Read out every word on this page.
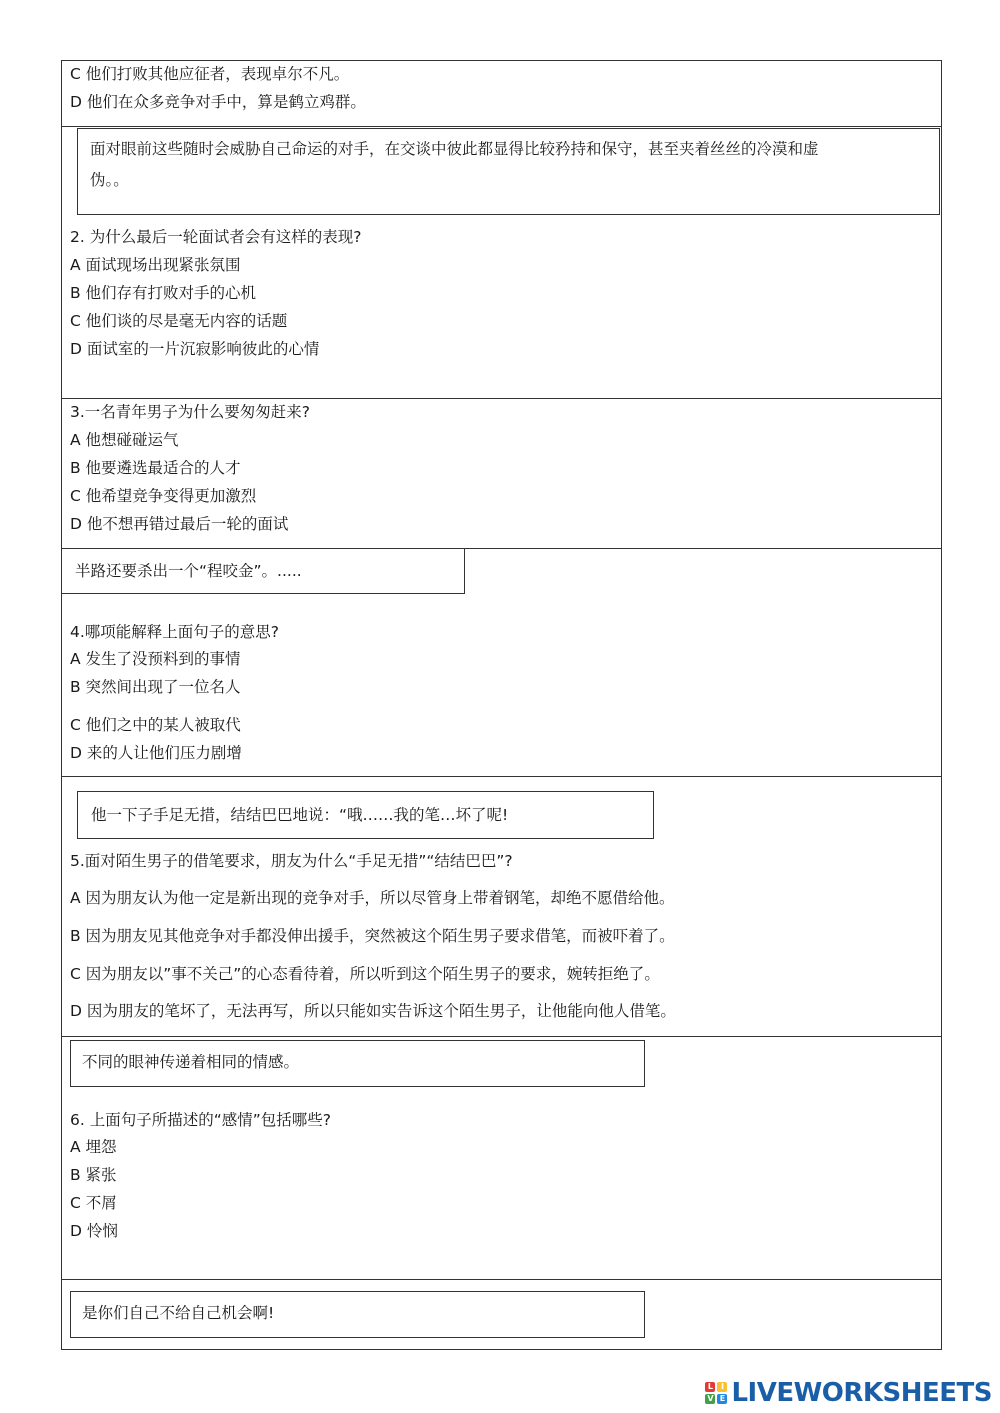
C 他们打败其他应征者，表现卓尔不凡。
D 他们在众多竞争对手中，算是鹤立鸡群。
面对眼前这些随时会威胁自己命运的对手，在交谈中彼此都显得比较矜持和保守，甚至夹着丝丝的冷漠和虚
伪。。
2. 为什么最后一轮面试者会有这样的表现?
A 面试现场出现紧张氛围
B 他们存有打败对手的心机
C 他们谈的尽是毫无内容的话题
D 面试室的一片沉寂影响彼此的心情
3.一名青年男子为什么要匆匆赶来?
A 他想碰碰运气
B 他要遴选最适合的人才
C 他希望竞争变得更加激烈
D 他不想再错过最后一轮的面试
半路还要杀出一个“程咬金”。.....
4.哪项能解释上面句子的意思?
A 发生了没预料到的事情
B 突然间出现了一位名人
C 他们之中的某人被取代
D 来的人让他们压力剧增
他一下子手足无措，结结巴巴地说：“哦……我的笔…坏了呢!
5.面对陌生男子的借笔要求，朋友为什么“手足无措”“结结巴巴”?
A 因为朋友认为他一定是新出现的竞争对手，所以尽管身上带着钢笔，却绝不愿借给他。
B 因为朋友见其他竞争对手都没伸出援手，突然被这个陌生男子要求借笔，而被吓着了。
C 因为朋友以”事不关己”的心态看待着，所以听到这个陌生男子的要求，婉转拒绝了。
D 因为朋友的笔坏了，无法再写，所以只能如实告诉这个陌生男子，让他能向他人借笔。
不同的眼神传递着相同的情感。
6. 上面句子所描述的“感情”包括哪些?
A 埋怨
B 紧张
C 不屑
D 怜悯
是你们自己不给自己机会啊!
L I
V E LIVEWORKSHEETS
